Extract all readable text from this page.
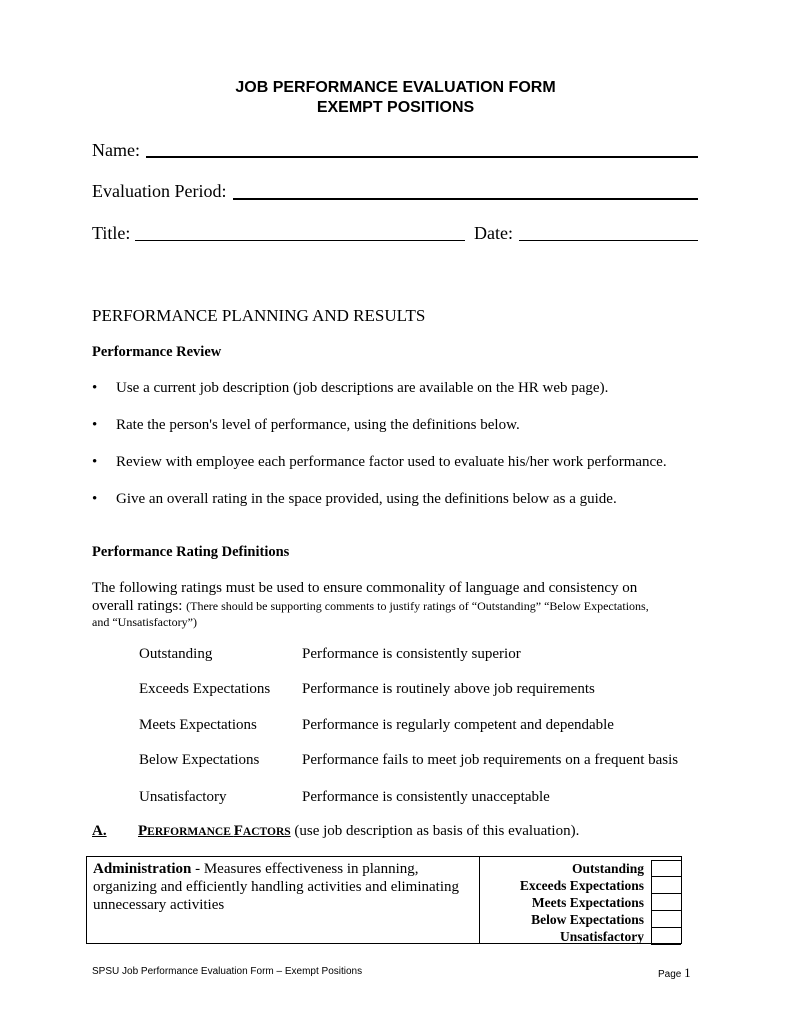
JOB PERFORMANCE EVALUATION FORM
EXEMPT POSITIONS
Name:
Evaluation Period:
Title:	Date:
PERFORMANCE PLANNING AND RESULTS
Performance Review
• Use a current job description (job descriptions are available on the HR web page).
• Rate the person's level of performance, using the definitions below.
• Review with employee each performance factor used to evaluate his/her work performance.
• Give an overall rating in the space provided, using the definitions below as a guide.
Performance Rating Definitions
The following ratings must be used to ensure commonality of language and consistency on
overall ratings: (There should be supporting comments to justify ratings of “Outstanding” “Below Expectations,
and “Unsatisfactory”)
Outstanding	Performance is consistently superior
Exceeds Expectations Performance is routinely above job requirements
Meets Expectations	Performance is regularly competent and dependable
Below Expectations	Performance fails to meet job requirements on a frequent basis
Unsatisfactory	Performance is consistently unacceptable
A. PERFORMANCE FACTORS (use job description as basis of this evaluation).
Administration - Measures effectiveness in planning, organizing and efficiently handling activities and eliminating unnecessary activities
Outstanding
Exceeds Expectations
Meets Expectations
Below Expectations
Unsatisfactory
SPSU Job Performance Evaluation Form – Exempt Positions	Page 1
